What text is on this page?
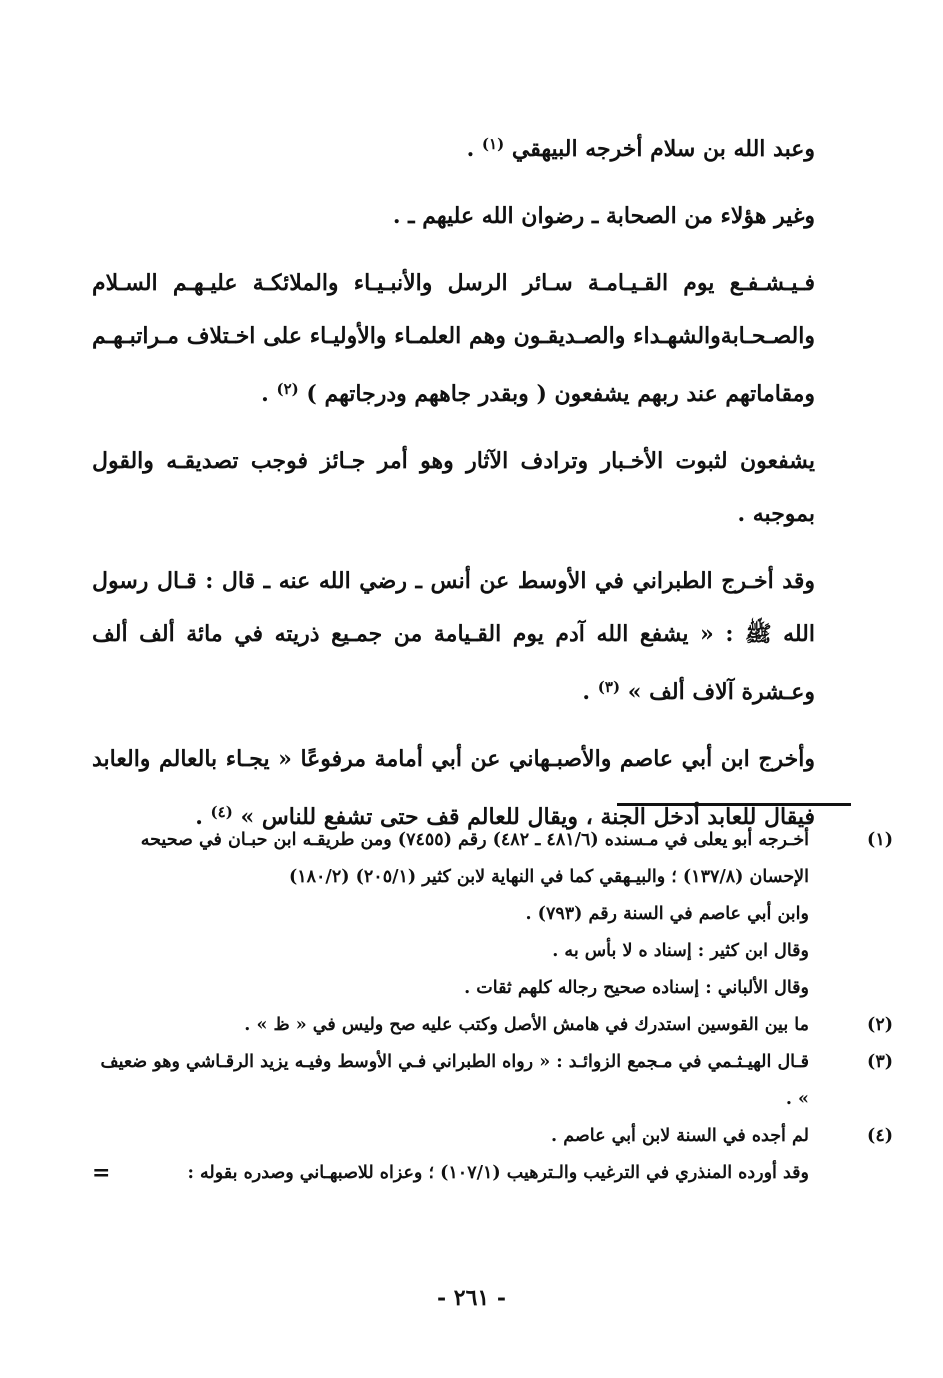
وعبد الله بن سلام أخرجه البيهقي $^{(١)}$ .

وغير هؤلاء من الصحابة ـ رضوان الله عليهم ـ .

فـيـشـفـع يوم القـيـامـة سـائر الرسل والأنبـيـاء والملائكـة عليـهـم السـلام والصـحـابةوالشهـداء والصـديقـون وهم العلمـاء والأوليـاء على اخـتلاف مـراتبـهـم ومقاماتهم عند ربهم يشفعون ( وبقدر جاههم ودرجاتهم ) $^{(٢)}$ .

يشفعون لثبوت الأخـبار وترادف الآثار وهو أمر جـائز فوجب تصديقـه والقول بموجبه .

وقد أخـرج الطبراني في الأوسط عن أنس ـ رضي الله عنه ـ قال : قـال رسول الله ﷺ : « يشفع الله آدم يوم القـيامة من جمـيع ذريته في مائة ألف ألف وعـشرة آلاف ألف » $^{(٣)}$ .

وأخرج ابن أبي عاصم والأصبـهاني عن أبي أمامة مرفوعًا « يجـاء بالعالم والعابد فيقال للعابد أدخل الجنة ، ويقال للعالم قف حتى تشفع للناس » $^{(٤)}$ .

(١)أخـرجه أبو يعلى في مـسنده (٤٨١/٦ ـ ٤٨٢) رقم (٧٤٥٥) ومن طريقـه ابن حبـان في صحيحه الإحسان (١٣٧/٨) ؛ والبيـهقي كما في النهاية لابن كثير (٢٠٥/١) (١٨٠/٢)

وابن أبي عاصم في السنة رقم (٧٩٣) .

وقال ابن كثير : إسناد ه لا بأس به .

وقال الألباني : إسناده صحيح رجاله كلهم ثقات .

(٢)ما بين القوسين استدرك في هامش الأصل وكتب عليه صح وليس في « ظ » .

(٣)قـال الهيـثـمي في مـجمع الزوائـد : « رواه الطبراني فـي الأوسط وفيـه يزيد الرقـاشي وهو ضعيف » .

(٤)لم أجده في السنة لابن أبي عاصم .

وقد أورده المنذري في الترغيب والـترهيب (١٠٧/١) ؛ وعزاه للاصبهـاني وصدره بقوله :
=

- ٢٦١ -
